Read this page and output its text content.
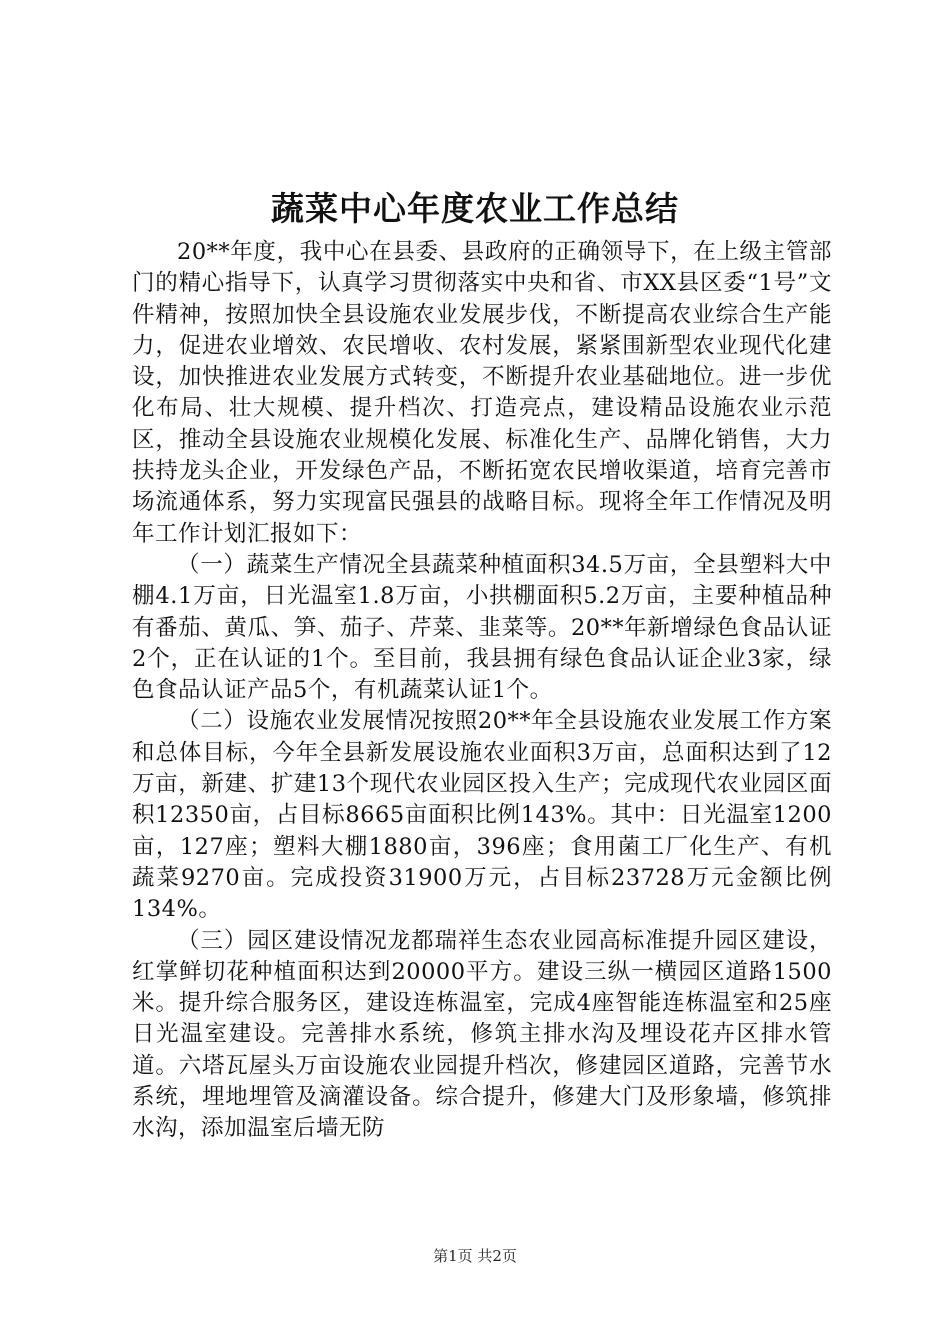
蔬菜中心年度农业工作总结

20**年度，我中心在县委、县政府的正确领导下，在上级主管部门的精心指导下，认真学习贯彻落实中央和省、市XX县区委“1号”文件精神，按照加快全县设施农业发展步伐，不断提高农业综合生产能力，促进农业增效、农民增收、农村发展，紧紧围新型农业现代化建设，加快推进农业发展方式转变，不断提升农业基础地位。进一步优化布局、壮大规模、提升档次、打造亮点，建设精品设施农业示范区，推动全县设施农业规模化发展、标准化生产、品牌化销售，大力扶持龙头企业，开发绿色产品，不断拓宽农民增收渠道，培育完善市场流通体系，努力实现富民强县的战略目标。现将全年工作情况及明年工作计划汇报如下：

（一）蔬菜生产情况全县蔬菜种植面积34.5万亩，全县塑料大中棚4.1万亩，日光温室1.8万亩，小拱棚面积5.2万亩，主要种植品种有番茄、黄瓜、笋、茄子、芹菜、韭菜等。20**年新增绿色食品认证2个，正在认证的1个。至目前，我县拥有绿色食品认证企业3家，绿色食品认证产品5个，有机蔬菜认证1个。

（二）设施农业发展情况按照20**年全县设施农业发展工作方案和总体目标，今年全县新发展设施农业面积3万亩，总面积达到了12万亩，新建、扩建13个现代农业园区投入生产；完成现代农业园区面积12350亩，占目标8665亩面积比例143%。其中：日光温室1200亩，127座；塑料大棚1880亩，396座；食用菌工厂化生产、有机蔬菜9270亩。完成投资31900万元，占目标23728万元金额比例134%。

（三）园区建设情况龙都瑞祥生态农业园高标准提升园区建设，红掌鲜切花种植面积达到20000平方。建设三纵一横园区道路1500米。提升综合服务区，建设连栋温室，完成4座智能连栋温室和25座日光温室建设。完善排水系统，修筑主排水沟及埋设花卉区排水管道。六塔瓦屋头万亩设施农业园提升档次，修建园区道路，完善节水系统，埋地埋管及滴灌设备。综合提升，修建大门及形象墙，修筑排水沟，添加温室后墙无防

第1页 共2页
